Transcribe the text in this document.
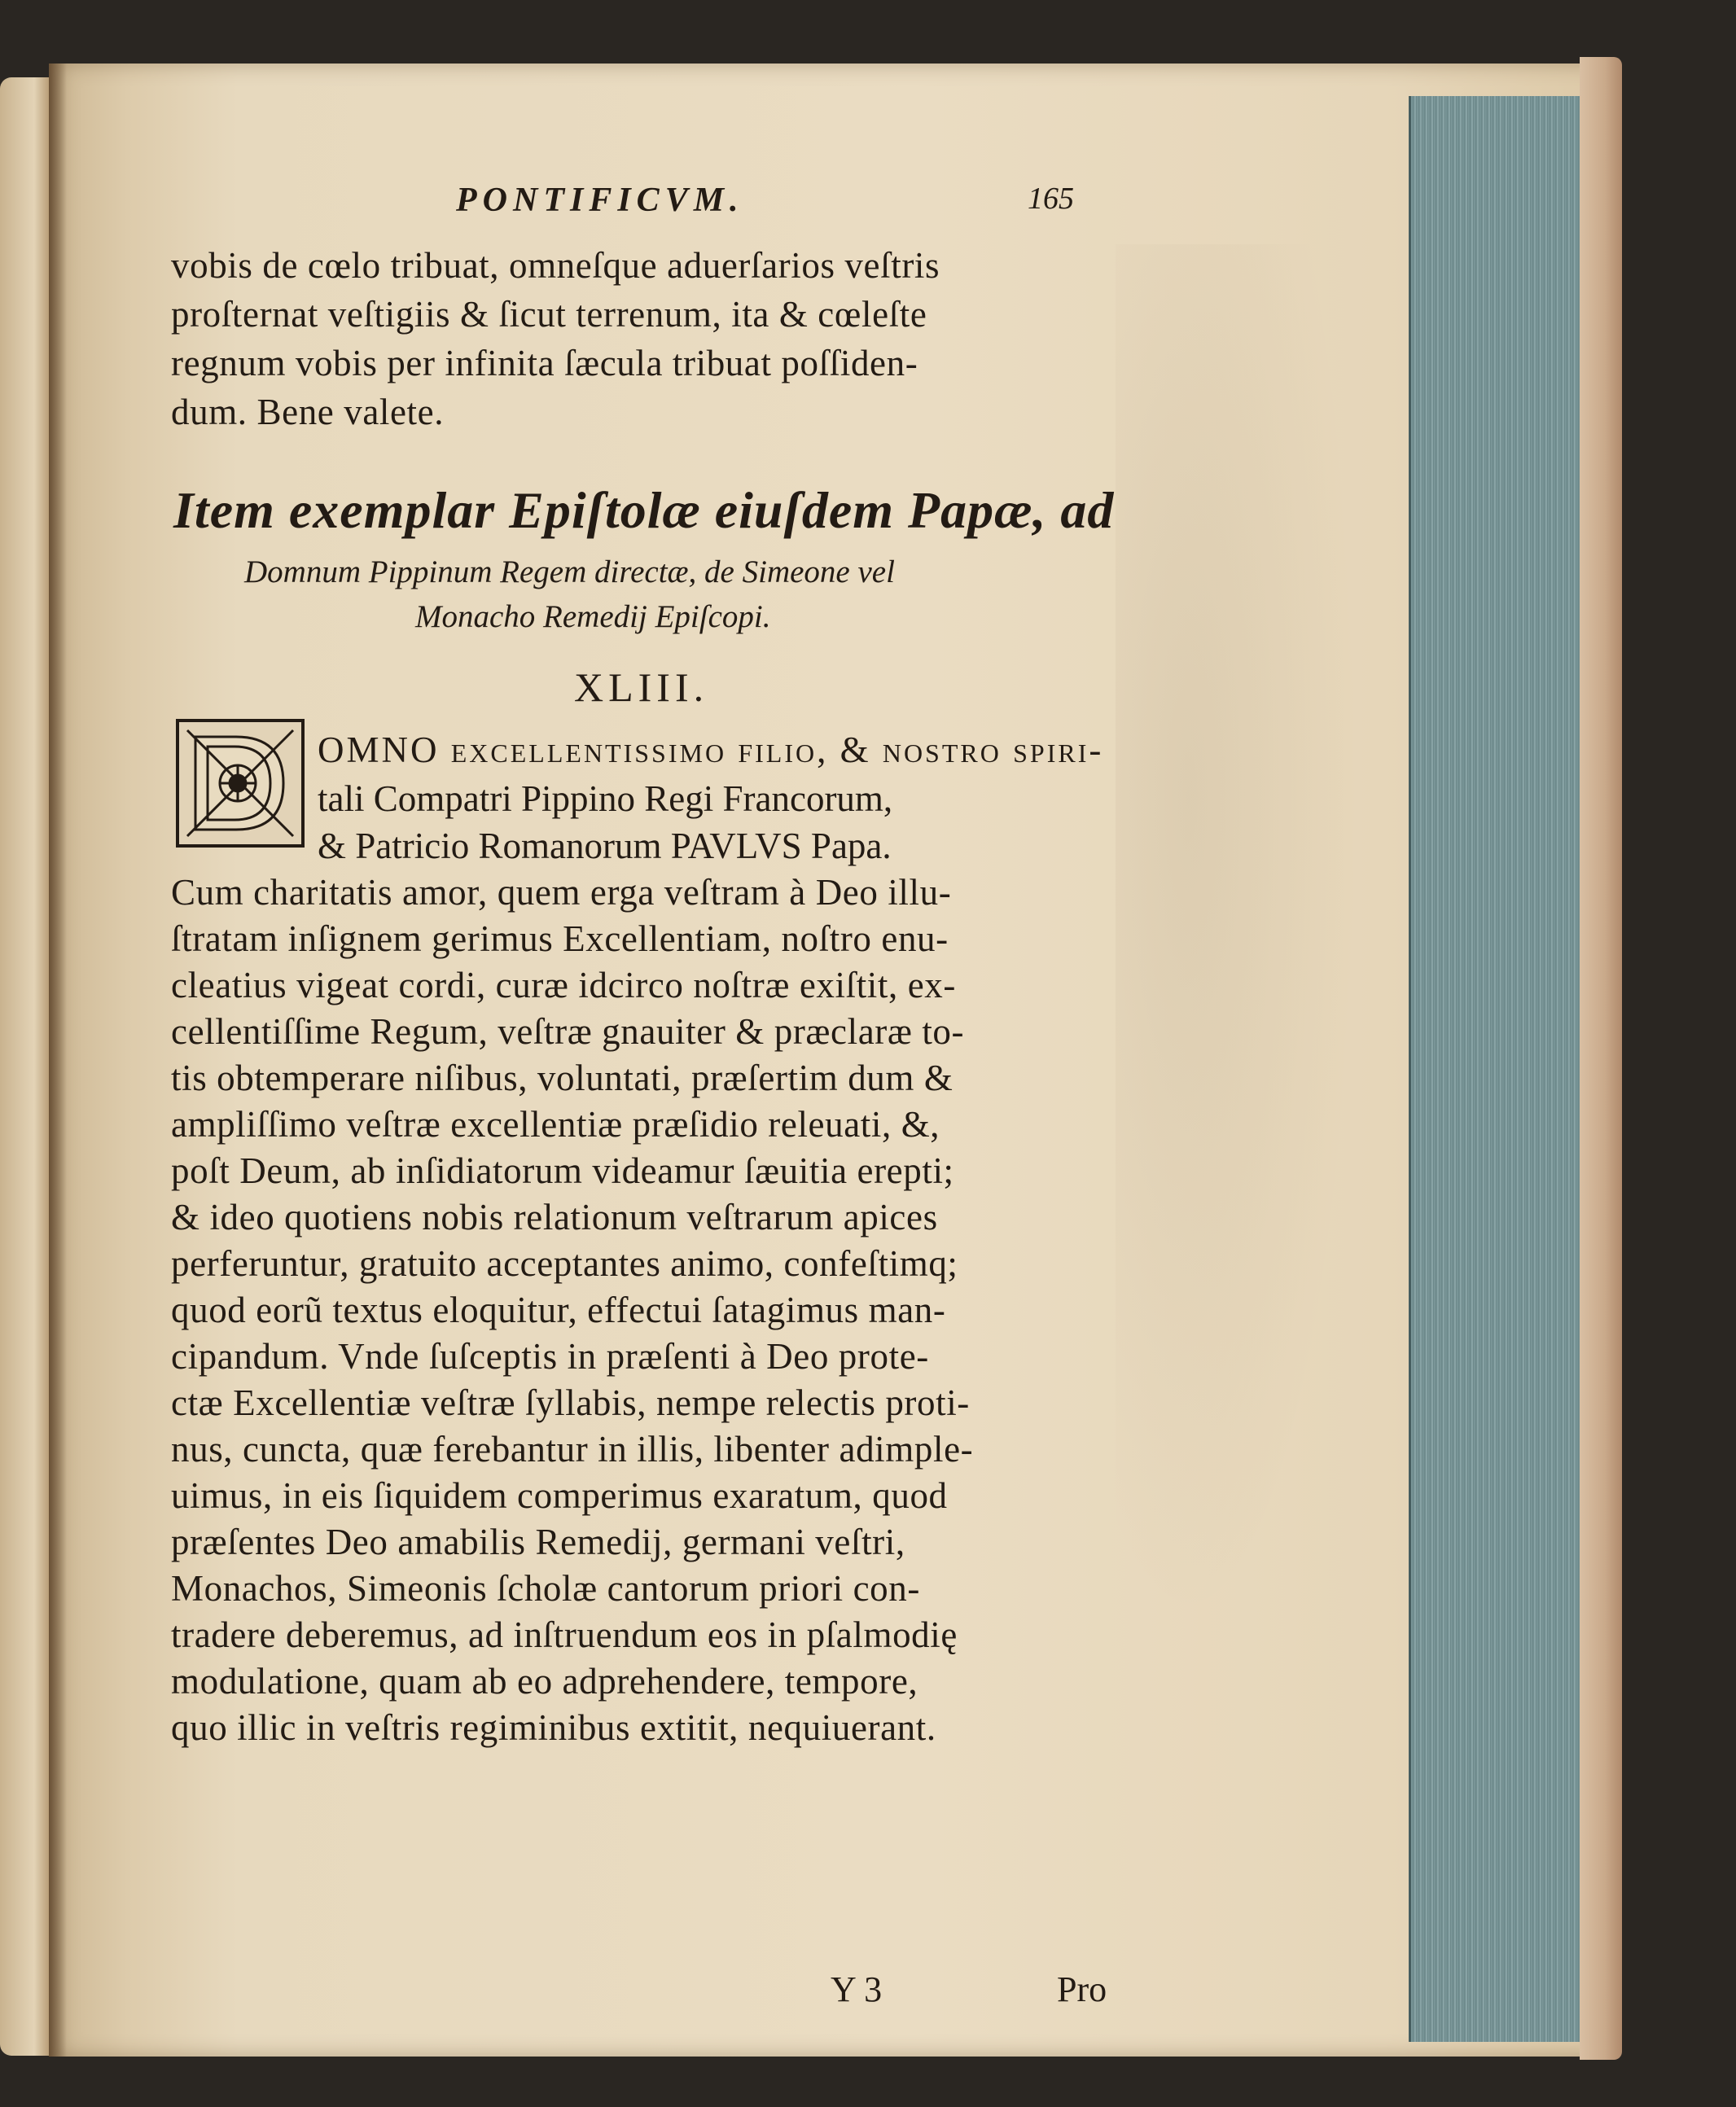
PONTIFICVM.	165
vobis de cœlo tribuat, omneſque aduerſarios veſtris
proſternat veſtigiis & ſicut terrenum, ita & cœleſte
regnum vobis per infinita ſæcula tribuat poſſiden-
dum. Bene valete.
Item exemplar Epiſtolæ eiuſdem Papæ, ad
Domnum Pippinum Regem directæ, de Simeone vel
Monacho Remedij Epiſcopi.
XLIII.
OMNO excellentiſſimo filio, & noſtro ſpiri-
tali Compatri Pippino Regi Francorum,
& Patricio Romanorum PAVLVS Papa.
Cum charitatis amor, quem erga veſtram à Deo illu-
ſtratam inſignem gerimus Excellentiam, noſtro enu-
cleatius vigeat cordi, curæ idcirco noſtræ exiſtit, ex-
cellentiſſime Regum, veſtræ gnauiter & præclaræ to-
tis obtemperare niſibus, voluntati, præſertim dum &
ampliſſimo veſtræ excellentiæ præſidio releuati, &,
poſt Deum, ab inſidiatorum videamur ſæuitia erepti;
& ideo quotiens nobis relationum veſtrarum apices
perferuntur, gratuito acceptantes animo, confeſtimq;
quod eorũ textus eloquitur, effectui ſatagimus man-
cipandum. Vnde ſuſceptis in præſenti à Deo prote-
ctæ Excellentiæ veſtræ ſyllabis, nempe relectis proti-
nus, cuncta, quæ ferebantur in illis, libenter adimple-
uimus, in eis ſiquidem comperimus exaratum, quod
præſentes Deo amabilis Remedij, germani veſtri,
Monachos, Simeonis ſcholæ cantorum priori con-
tradere deberemus, ad inſtruendum eos in pſalmodię
modulatione, quam ab eo adprehendere, tempore,
quo illic in veſtris regiminibus extitit, nequiuerant.
Y 3	Pro
